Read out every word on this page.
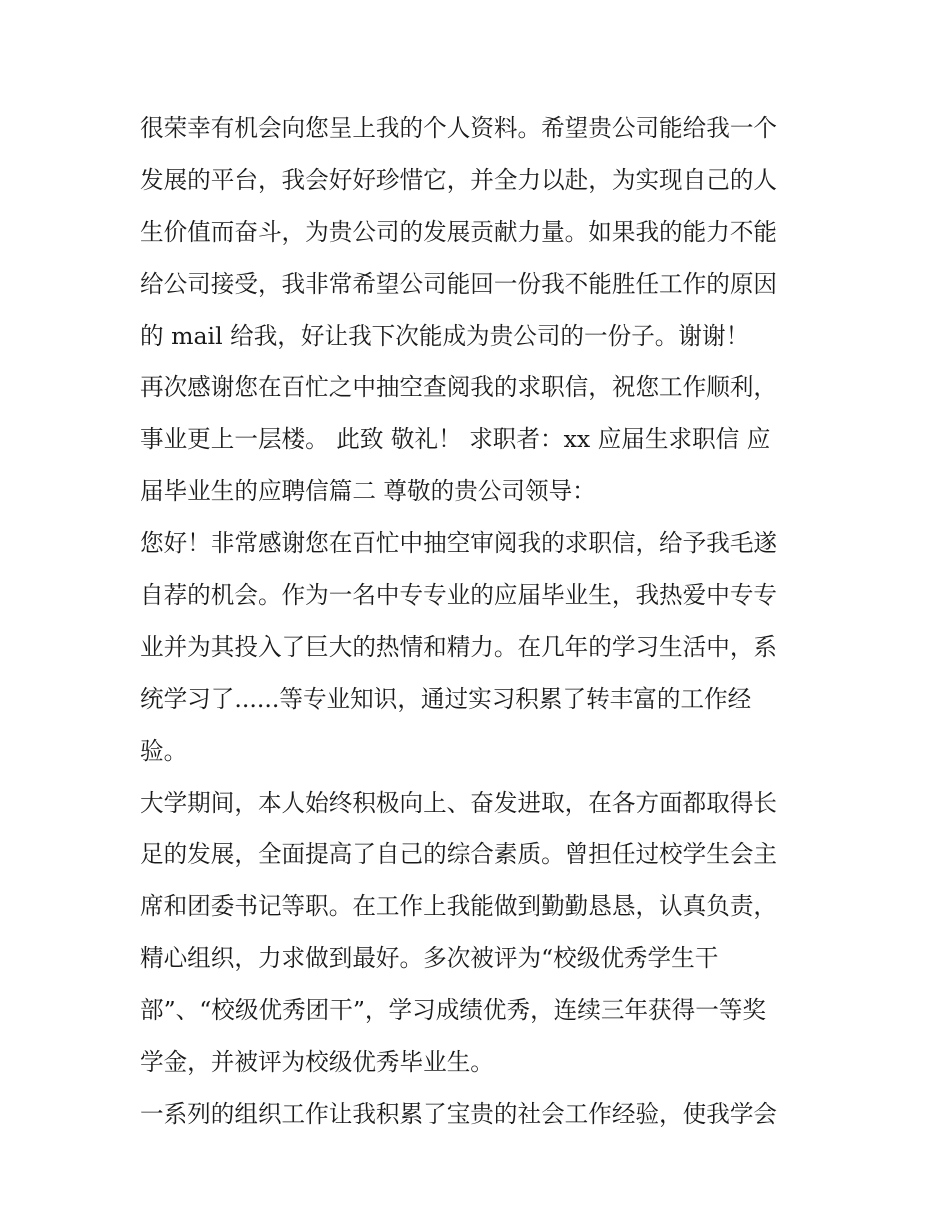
很荣幸有机会向您呈上我的个人资料。希望贵公司能给我一个
发展的平台，我会好好珍惜它，并全力以赴，为实现自己的人
生价值而奋斗，为贵公司的发展贡献力量。如果我的能力不能
给公司接受，我非常希望公司能回一份我不能胜任工作的原因
的 mail 给我，好让我下次能成为贵公司的一份子。谢谢！
再次感谢您在百忙之中抽空查阅我的求职信，祝您工作顺利，
事业更上一层楼。 此致 敬礼！ 求职者：xx 应届生求职信 应
届毕业生的应聘信篇二 尊敬的贵公司领导：
您好！非常感谢您在百忙中抽空审阅我的求职信，给予我毛遂
自荐的机会。作为一名中专专业的应届毕业生，我热爱中专专
业并为其投入了巨大的热情和精力。在几年的学习生活中，系
统学习了......等专业知识，通过实习积累了转丰富的工作经
验。
大学期间，本人始终积极向上、奋发进取，在各方面都取得长
足的发展，全面提高了自己的综合素质。曾担任过校学生会主
席和团委书记等职。在工作上我能做到勤勤恳恳，认真负责，
精心组织，力求做到最好。多次被评为“校级优秀学生干
部”、“校级优秀团干”，学习成绩优秀，连续三年获得一等奖
学金，并被评为校级优秀毕业生。
一系列的组织工作让我积累了宝贵的社会工作经验，使我学会
